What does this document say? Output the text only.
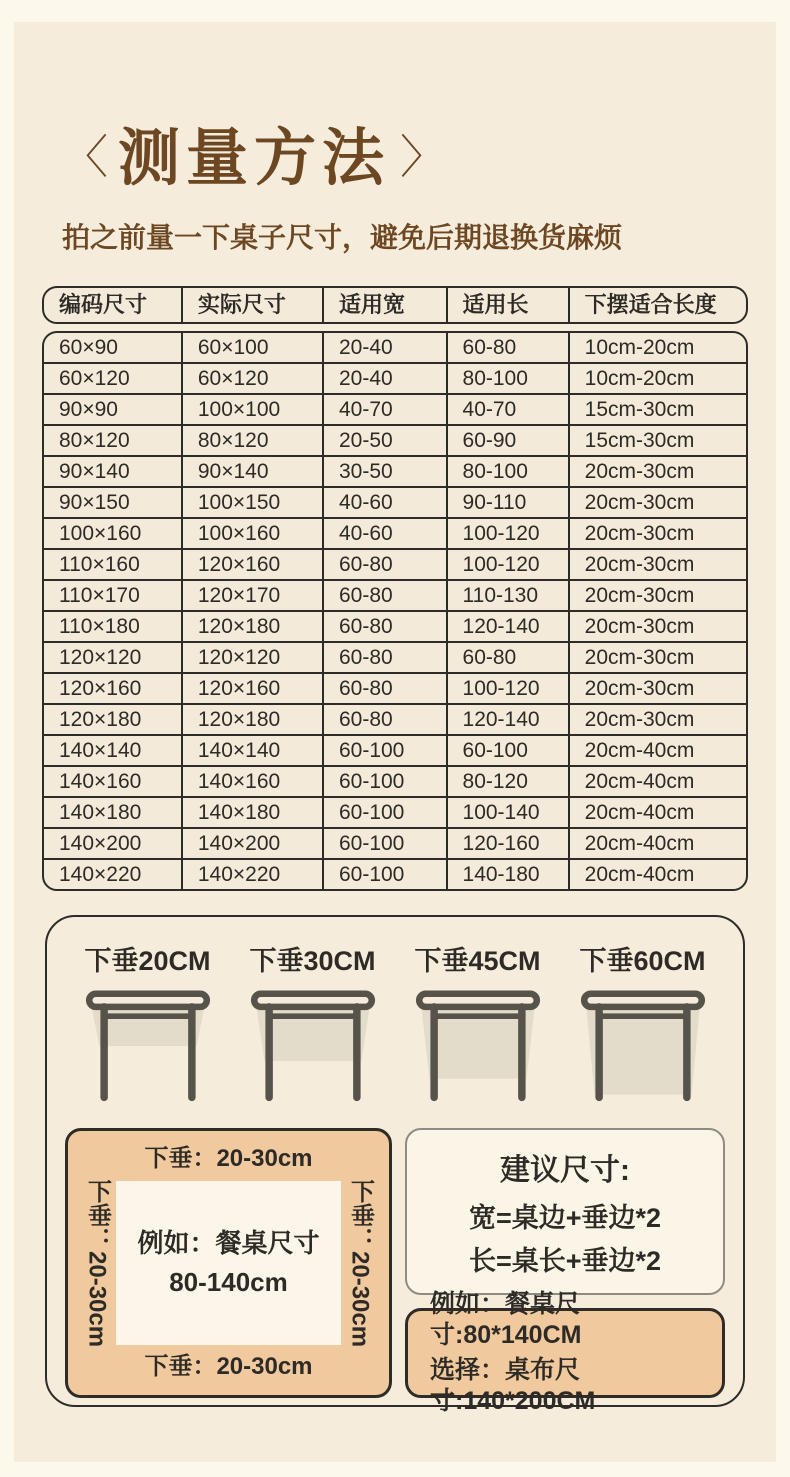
〈 测量方法 〉
拍之前量一下桌子尺寸，避免后期退换货麻烦
编码尺寸	实际尺寸	适用宽	适用长	下摆适合长度
60×90	60×100	20-40	60-80	10cm-20cm
60×120	60×120	20-40	80-100	10cm-20cm
90×90	100×100	40-70	40-70	15cm-30cm
80×120	80×120	20-50	60-90	15cm-30cm
90×140	90×140	30-50	80-100	20cm-30cm
90×150	100×150	40-60	90-110	20cm-30cm
100×160	100×160	40-60	100-120	20cm-30cm
110×160	120×160	60-80	100-120	20cm-30cm
110×170	120×170	60-80	110-130	20cm-30cm
110×180	120×180	60-80	120-140	20cm-30cm
120×120	120×120	60-80	60-80	20cm-30cm
120×160	120×160	60-80	100-120	20cm-30cm
120×180	120×180	60-80	120-140	20cm-30cm
140×140	140×140	60-100	60-100	20cm-40cm
140×160	140×160	60-100	80-120	20cm-40cm
140×180	140×180	60-100	100-140	20cm-40cm
140×200	140×200	60-100	120-160	20cm-40cm
140×220	140×220	60-100	140-180	20cm-40cm
下垂20CM 下垂30CM 下垂45CM 下垂60CM
下垂：20-30cm
下垂：20-30cm 例如：餐桌尺寸
80-140cm 下垂：20-30cm
下垂：20-30cm
建议尺寸:
宽=桌边+垂边*2
长=桌长+垂边*2
例如：餐桌尺寸:80*140CM
选择：桌布尺寸:140*200CM
